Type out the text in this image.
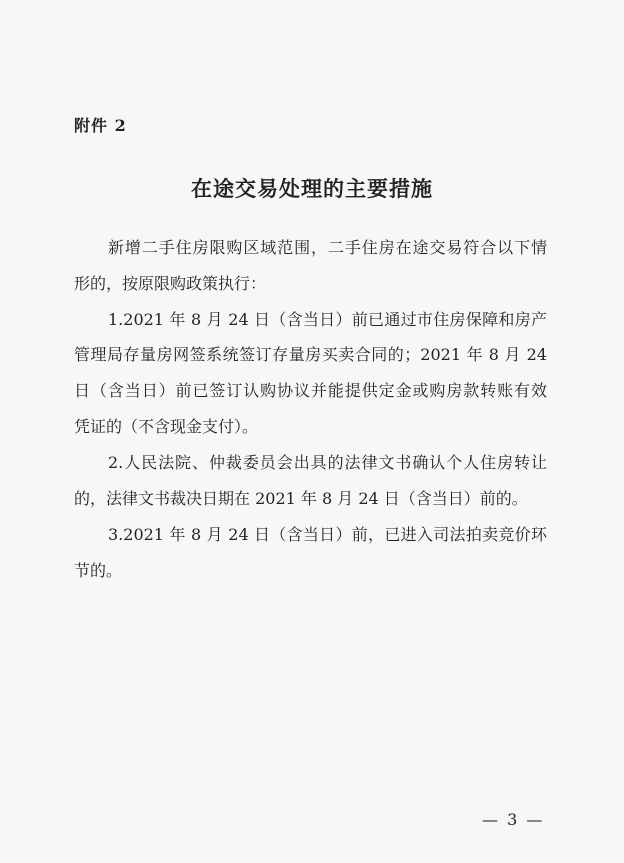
附件 2
在途交易处理的主要措施
新增二手住房限购区域范围，二手住房在途交易符合以下情
形的，按原限购政策执行：
1.2021 年 8 月 24 日（含当日）前已通过市住房保障和房产
管理局存量房网签系统签订存量房买卖合同的；2021 年 8 月 24
日（含当日）前已签订认购协议并能提供定金或购房款转账有效
凭证的（不含现金支付）。
2.人民法院、仲裁委员会出具的法律文书确认个人住房转让
的，法律文书裁决日期在 2021 年 8 月 24 日（含当日）前的。
3.2021 年 8 月 24 日（含当日）前，已进入司法拍卖竞价环
节的。
— 3 —
